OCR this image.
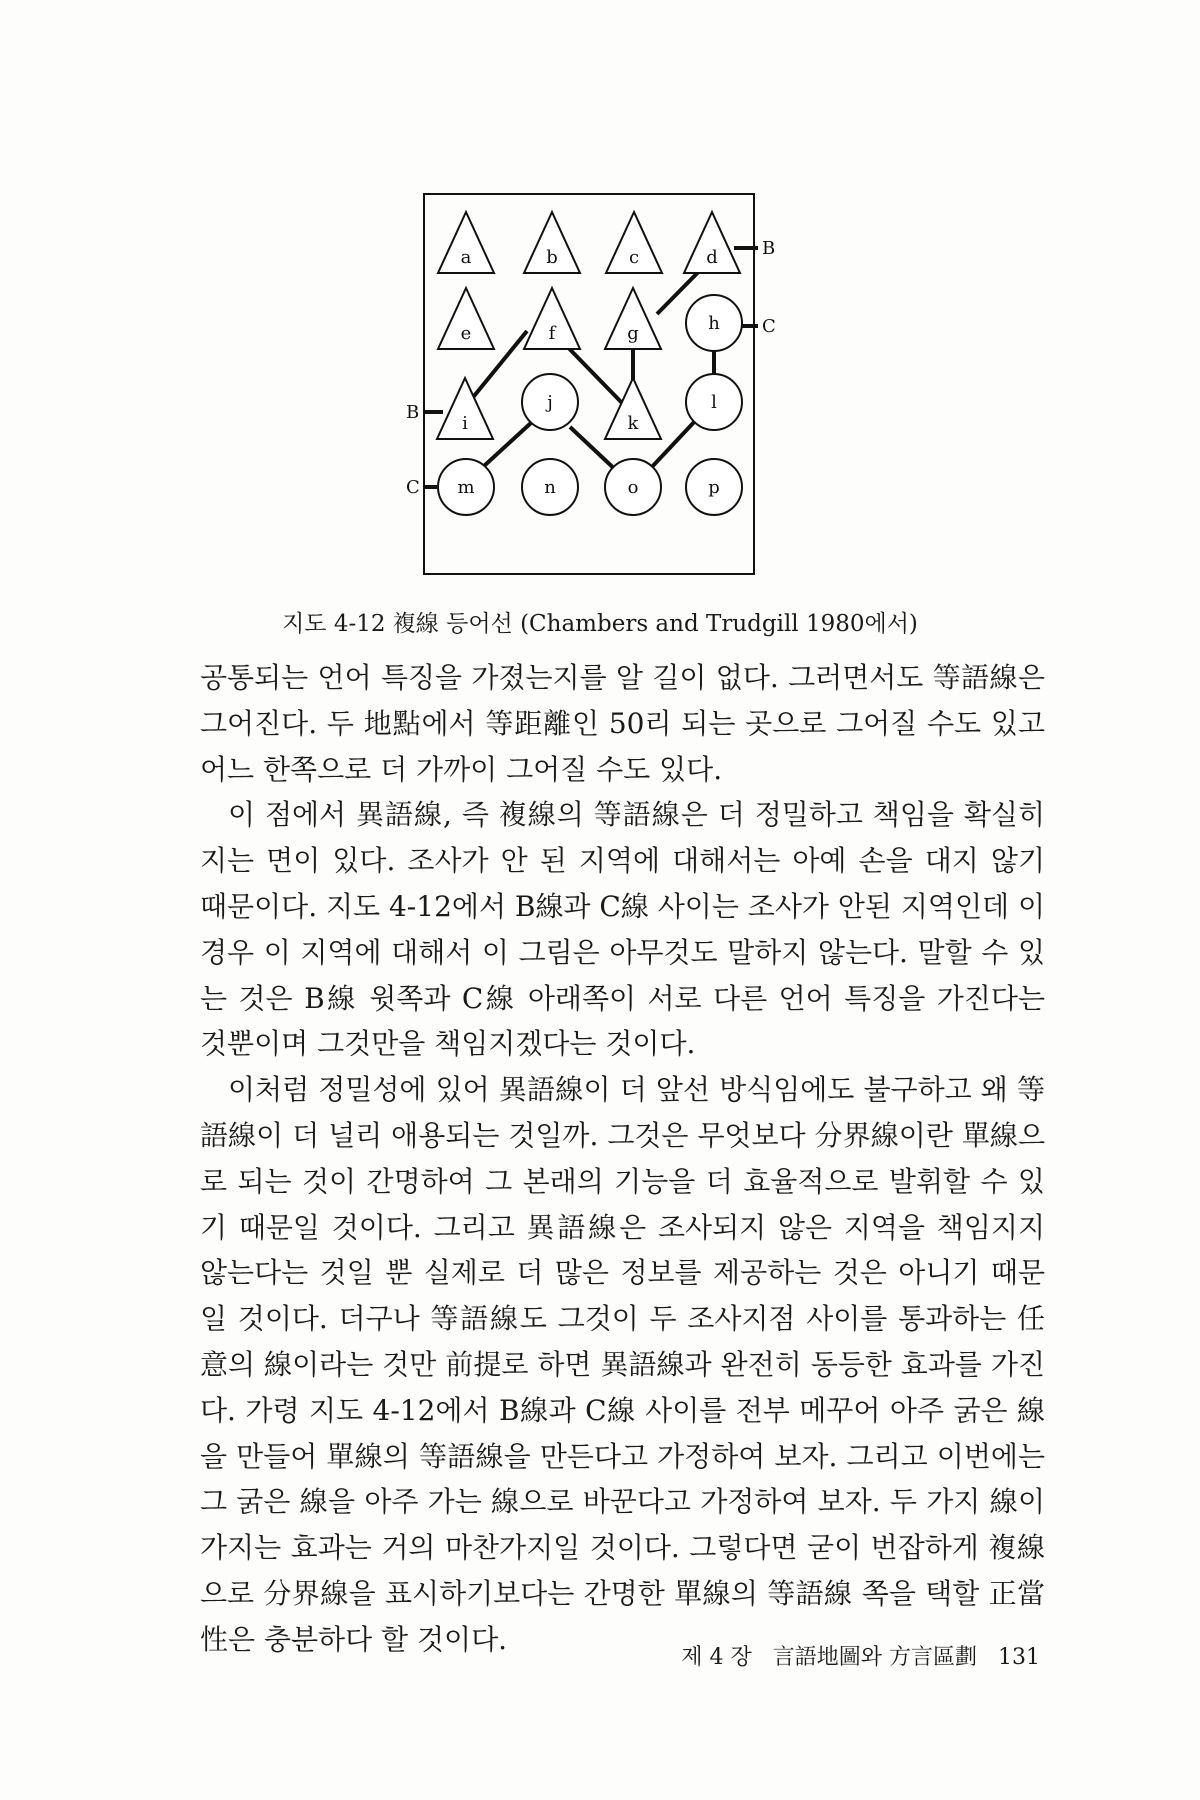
a	b	c	d
e	f	g
i	k
h
j	l
m	n	o	p
B
C
B
C
지도 4-12 複線 등어선 (Chambers and Trudgill 1980에서)

공통되는 언어 특징을 가졌는지를 알 길이 없다. 그러면서도 等語線은 그어진다. 두 地點에서 等距離인 50리 되는 곳으로 그어질 수도 있고 어느 한쪽으로 더 가까이 그어질 수도 있다.

이 점에서 異語線, 즉 複線의 等語線은 더 정밀하고 책임을 확실히 지는 면이 있다. 조사가 안 된 지역에 대해서는 아예 손을 대지 않기 때문이다. 지도 4-12에서 B線과 C線 사이는 조사가 안된 지역인데 이 경우 이 지역에 대해서 이 그림은 아무것도 말하지 않는다. 말할 수 있는 것은 B線 윗쪽과 C線 아래쪽이 서로 다른 언어 특징을 가진다는 것뿐이며 그것만을 책임지겠다는 것이다.

이처럼 정밀성에 있어 異語線이 더 앞선 방식임에도 불구하고 왜 等語線이 더 널리 애용되는 것일까. 그것은 무엇보다 分界線이란 單線으로 되는 것이 간명하여 그 본래의 기능을 더 효율적으로 발휘할 수 있기 때문일 것이다. 그리고 異語線은 조사되지 않은 지역을 책임지지 않는다는 것일 뿐 실제로 더 많은 정보를 제공하는 것은 아니기 때문일 것이다. 더구나 等語線도 그것이 두 조사지점 사이를 통과하는 任意의 線이라는 것만 前提로 하면 異語線과 완전히 동등한 효과를 가진다. 가령 지도 4-12에서 B線과 C線 사이를 전부 메꾸어 아주 굵은 線을 만들어 單線의 等語線을 만든다고 가정하여 보자. 그리고 이번에는 그 굵은 線을 아주 가는 線으로 바꾼다고 가정하여 보자. 두 가지 線이 가지는 효과는 거의 마찬가지일 것이다. 그렇다면 굳이 번잡하게 複線으로 分界線을 표시하기보다는 간명한 單線의 等語線 쪽을 택할 正當性은 충분하다 할 것이다.

제 4 장 言語地圖와 方言區劃 131
